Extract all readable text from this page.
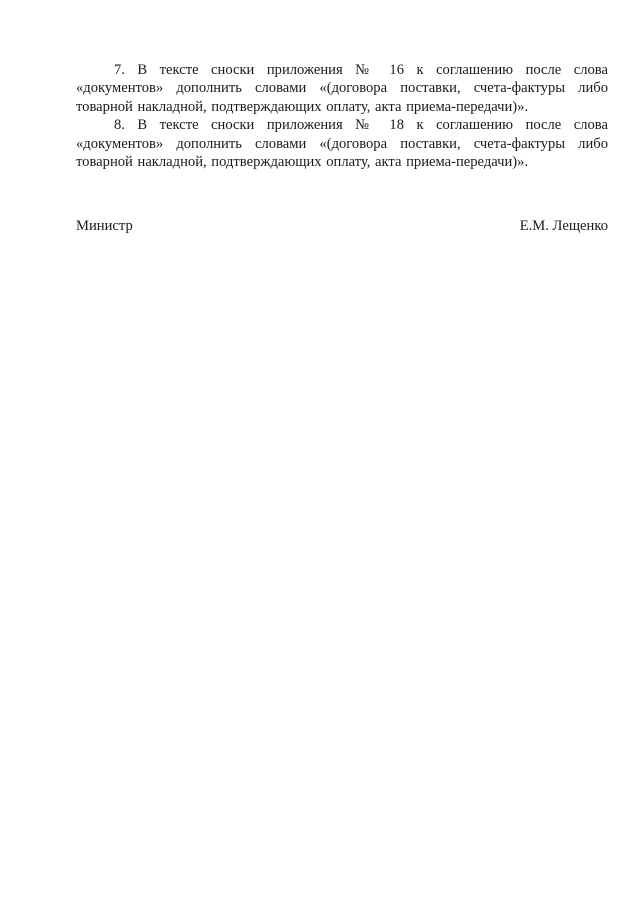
7. В тексте сноски приложения № 16 к соглашению после слова «документов» дополнить словами «(договора поставки, счета-фактуры либо товарной накладной, подтверждающих оплату, акта приема-передачи)».

8. В тексте сноски приложения № 18 к соглашению после слова «документов» дополнить словами «(договора поставки, счета-фактуры либо товарной накладной, подтверждающих оплату, акта приема-передачи)».

Министр	Е.М. Лещенко
